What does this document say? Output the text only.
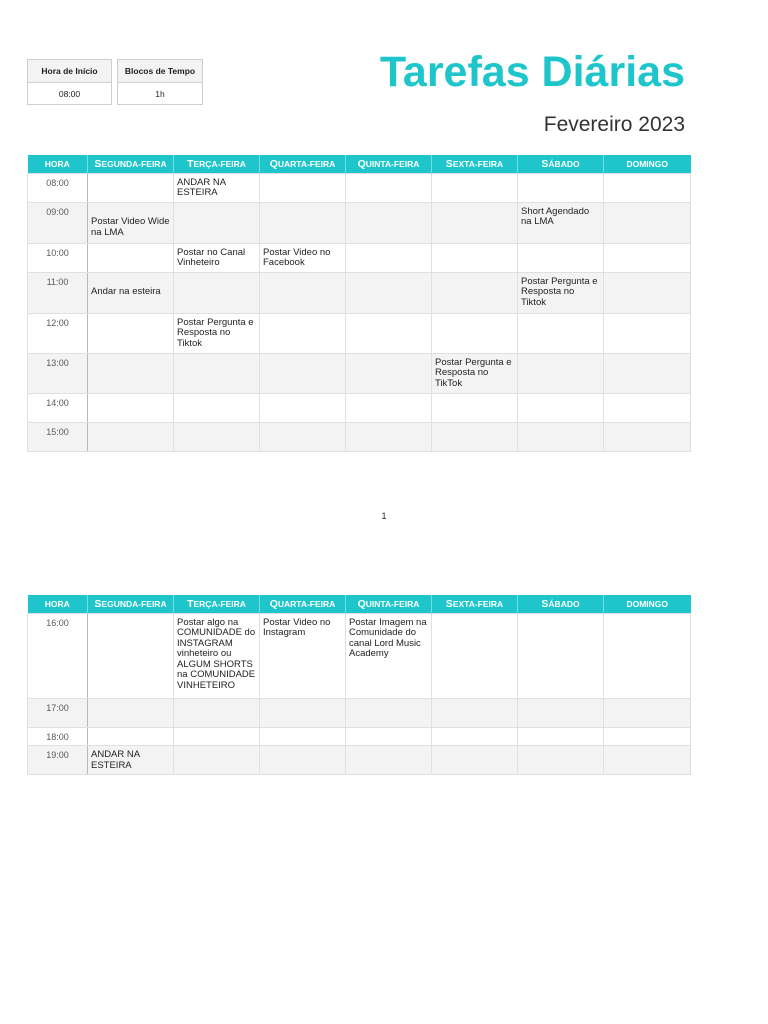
Hora de Início
08:00
Blocos de Tempo
1h	Tarefas Diárias
Fevereiro 2023
HORA	SEGUNDA-FEIRA	TERÇA-FEIRA	QUARTA-FEIRA	QUINTA-FEIRA	SEXTA-FEIRA	SÁBADO	DOMINGO
08:00		ANDAR NA ESTEIRA					
09:00	Postar Video Wide na LMA					Short Agendado na LMA	
10:00		Postar no Canal Vinheteiro	Postar Video no Facebook				
11:00	Andar na esteira					Postar Pergunta e Resposta no Tiktok	
12:00		Postar Pergunta e Resposta no Tiktok					
13:00					Postar Pergunta e Resposta no TikTok		
14:00							
15:00							
1
HORA	SEGUNDA-FEIRA	TERÇA-FEIRA	QUARTA-FEIRA	QUINTA-FEIRA	SEXTA-FEIRA	SÁBADO	DOMINGO
16:00		Postar algo na COMUNIDADE do INSTAGRAM vinheteiro ou ALGUM SHORTS na COMUNIDADE VINHETEIRO	Postar Video no Instagram	Postar Imagem na Comunidade do canal Lord Music Academy			
17:00							
18:00							
19:00	ANDAR NA ESTEIRA						
